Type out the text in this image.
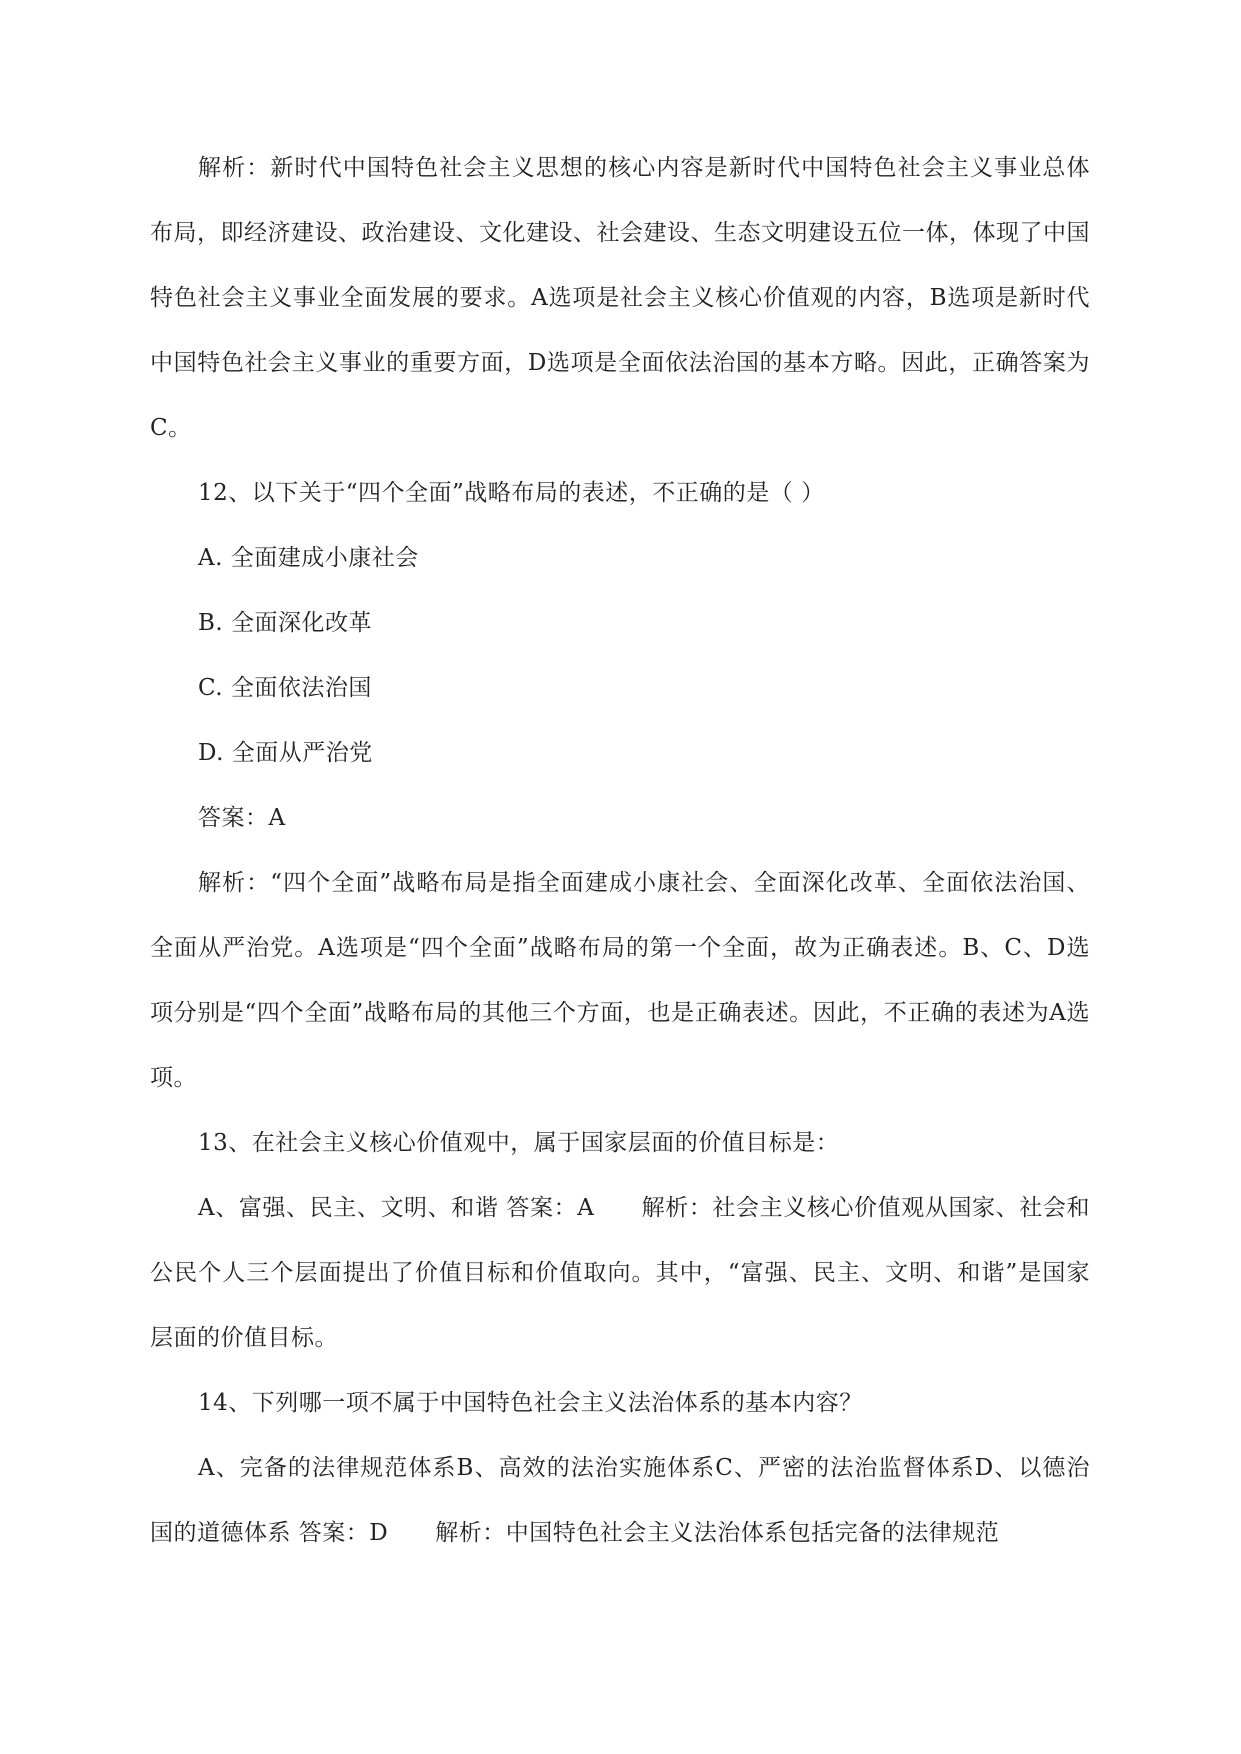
解析：新时代中国特色社会主义思想的核心内容是新时代中国特色社会主义事业总体布局，即经济建设、政治建设、文化建设、社会建设、生态文明建设五位一体，体现了中国特色社会主义事业全面发展的要求。A选项是社会主义核心价值观的内容，B选项是新时代中国特色社会主义事业的重要方面，D选项是全面依法治国的基本方略。因此，正确答案为C。

12、以下关于“四个全面”战略布局的表述，不正确的是（ ）

A. 全面建成小康社会

B. 全面深化改革

C. 全面依法治国

D. 全面从严治党

答案：A

解析：“四个全面”战略布局是指全面建成小康社会、全面深化改革、全面依法治国、全面从严治党。A选项是“四个全面”战略布局的第一个全面，故为正确表述。B、C、D选项分别是“四个全面”战略布局的其他三个方面，也是正确表述。因此，不正确的表述为A选项。

13、在社会主义核心价值观中，属于国家层面的价值目标是：

A、富强、民主、文明、和谐 答案：A　　解析：社会主义核心价值观从国家、社会和公民个人三个层面提出了价值目标和价值取向。其中，“富强、民主、文明、和谐”是国家层面的价值目标。

14、下列哪一项不属于中国特色社会主义法治体系的基本内容？

A、完备的法律规范体系B、高效的法治实施体系C、严密的法治监督体系D、以德治国的道德体系 答案：D　　解析：中国特色社会主义法治体系包括完备的法律规范
